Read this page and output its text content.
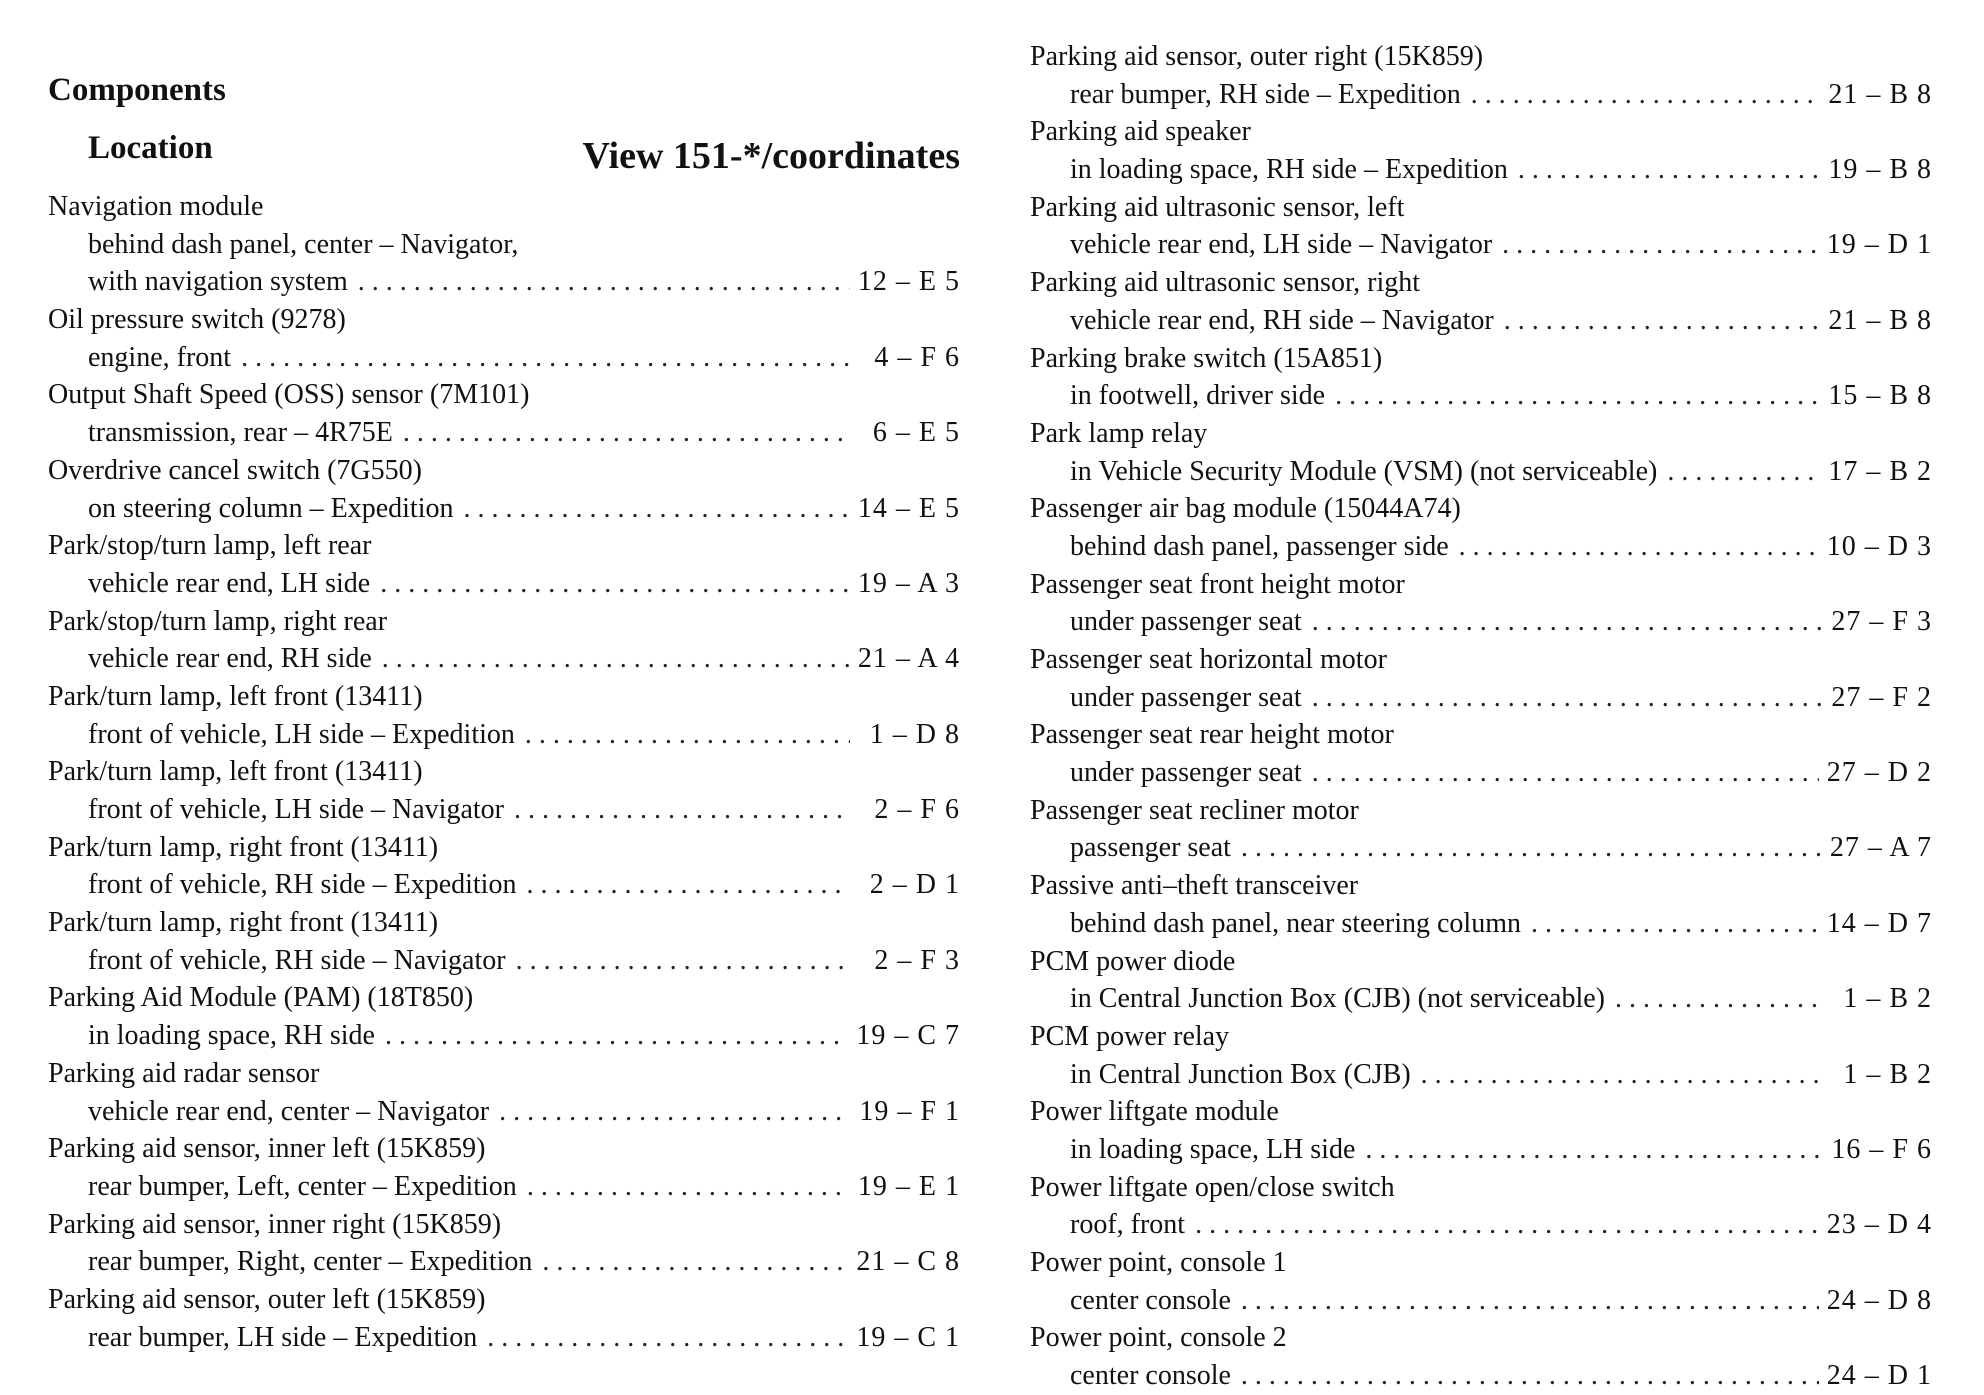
Components
Location	View 151-*/coordinates
Navigation module
behind dash panel, center – Navigator,
with navigation system . . .	12 – E 5
Oil pressure switch (9278)
engine, front . . .	4 – F 6
Output Shaft Speed (OSS) sensor (7M101)
transmission, rear – 4R75E . . .	6 – E 5
Overdrive cancel switch (7G550)
on steering column – Expedition . . .	14 – E 5
Park/stop/turn lamp, left rear
vehicle rear end, LH side . . .	19 – A 3
Park/stop/turn lamp, right rear
vehicle rear end, RH side . . .	21 – A 4
Park/turn lamp, left front (13411)
front of vehicle, LH side – Expedition . . .	1 – D 8
Park/turn lamp, left front (13411)
front of vehicle, LH side – Navigator . . .	2 – F 6
Park/turn lamp, right front (13411)
front of vehicle, RH side – Expedition . . .	2 – D 1
Park/turn lamp, right front (13411)
front of vehicle, RH side – Navigator . . .	2 – F 3
Parking Aid Module (PAM) (18T850)
in loading space, RH side . . .	19 – C 7
Parking aid radar sensor
vehicle rear end, center – Navigator . . .	19 – F 1
Parking aid sensor, inner left (15K859)
rear bumper, Left, center – Expedition . . .	19 – E 1
Parking aid sensor, inner right (15K859)
rear bumper, Right, center – Expedition . . .	21 – C 8
Parking aid sensor, outer left (15K859)
rear bumper, LH side – Expedition . . .	19 – C 1
Parking aid sensor, outer right (15K859)
rear bumper, RH side – Expedition . . .	21 – B 8
Parking aid speaker
in loading space, RH side – Expedition . . .	19 – B 8
Parking aid ultrasonic sensor, left
vehicle rear end, LH side – Navigator . . .	19 – D 1
Parking aid ultrasonic sensor, right
vehicle rear end, RH side – Navigator . . .	21 – B 8
Parking brake switch (15A851)
in footwell, driver side . . .	15 – B 8
Park lamp relay
in Vehicle Security Module (VSM) (not serviceable) . . .	17 – B 2
Passenger air bag module (15044A74)
behind dash panel, passenger side . . .	10 – D 3
Passenger seat front height motor
under passenger seat . . .	27 – F 3
Passenger seat horizontal motor
under passenger seat . . .	27 – F 2
Passenger seat rear height motor
under passenger seat . . .	27 – D 2
Passenger seat recliner motor
passenger seat . . .	27 – A 7
Passive anti–theft transceiver
behind dash panel, near steering column . . .	14 – D 7
PCM power diode
in Central Junction Box (CJB) (not serviceable) . . .	1 – B 2
PCM power relay
in Central Junction Box (CJB) . . .	1 – B 2
Power liftgate module
in loading space, LH side . . .	16 – F 6
Power liftgate open/close switch
roof, front . . .	23 – D 4
Power point, console 1
center console . . .	24 – D 8
Power point, console 2
center console . . .	24 – D 1
